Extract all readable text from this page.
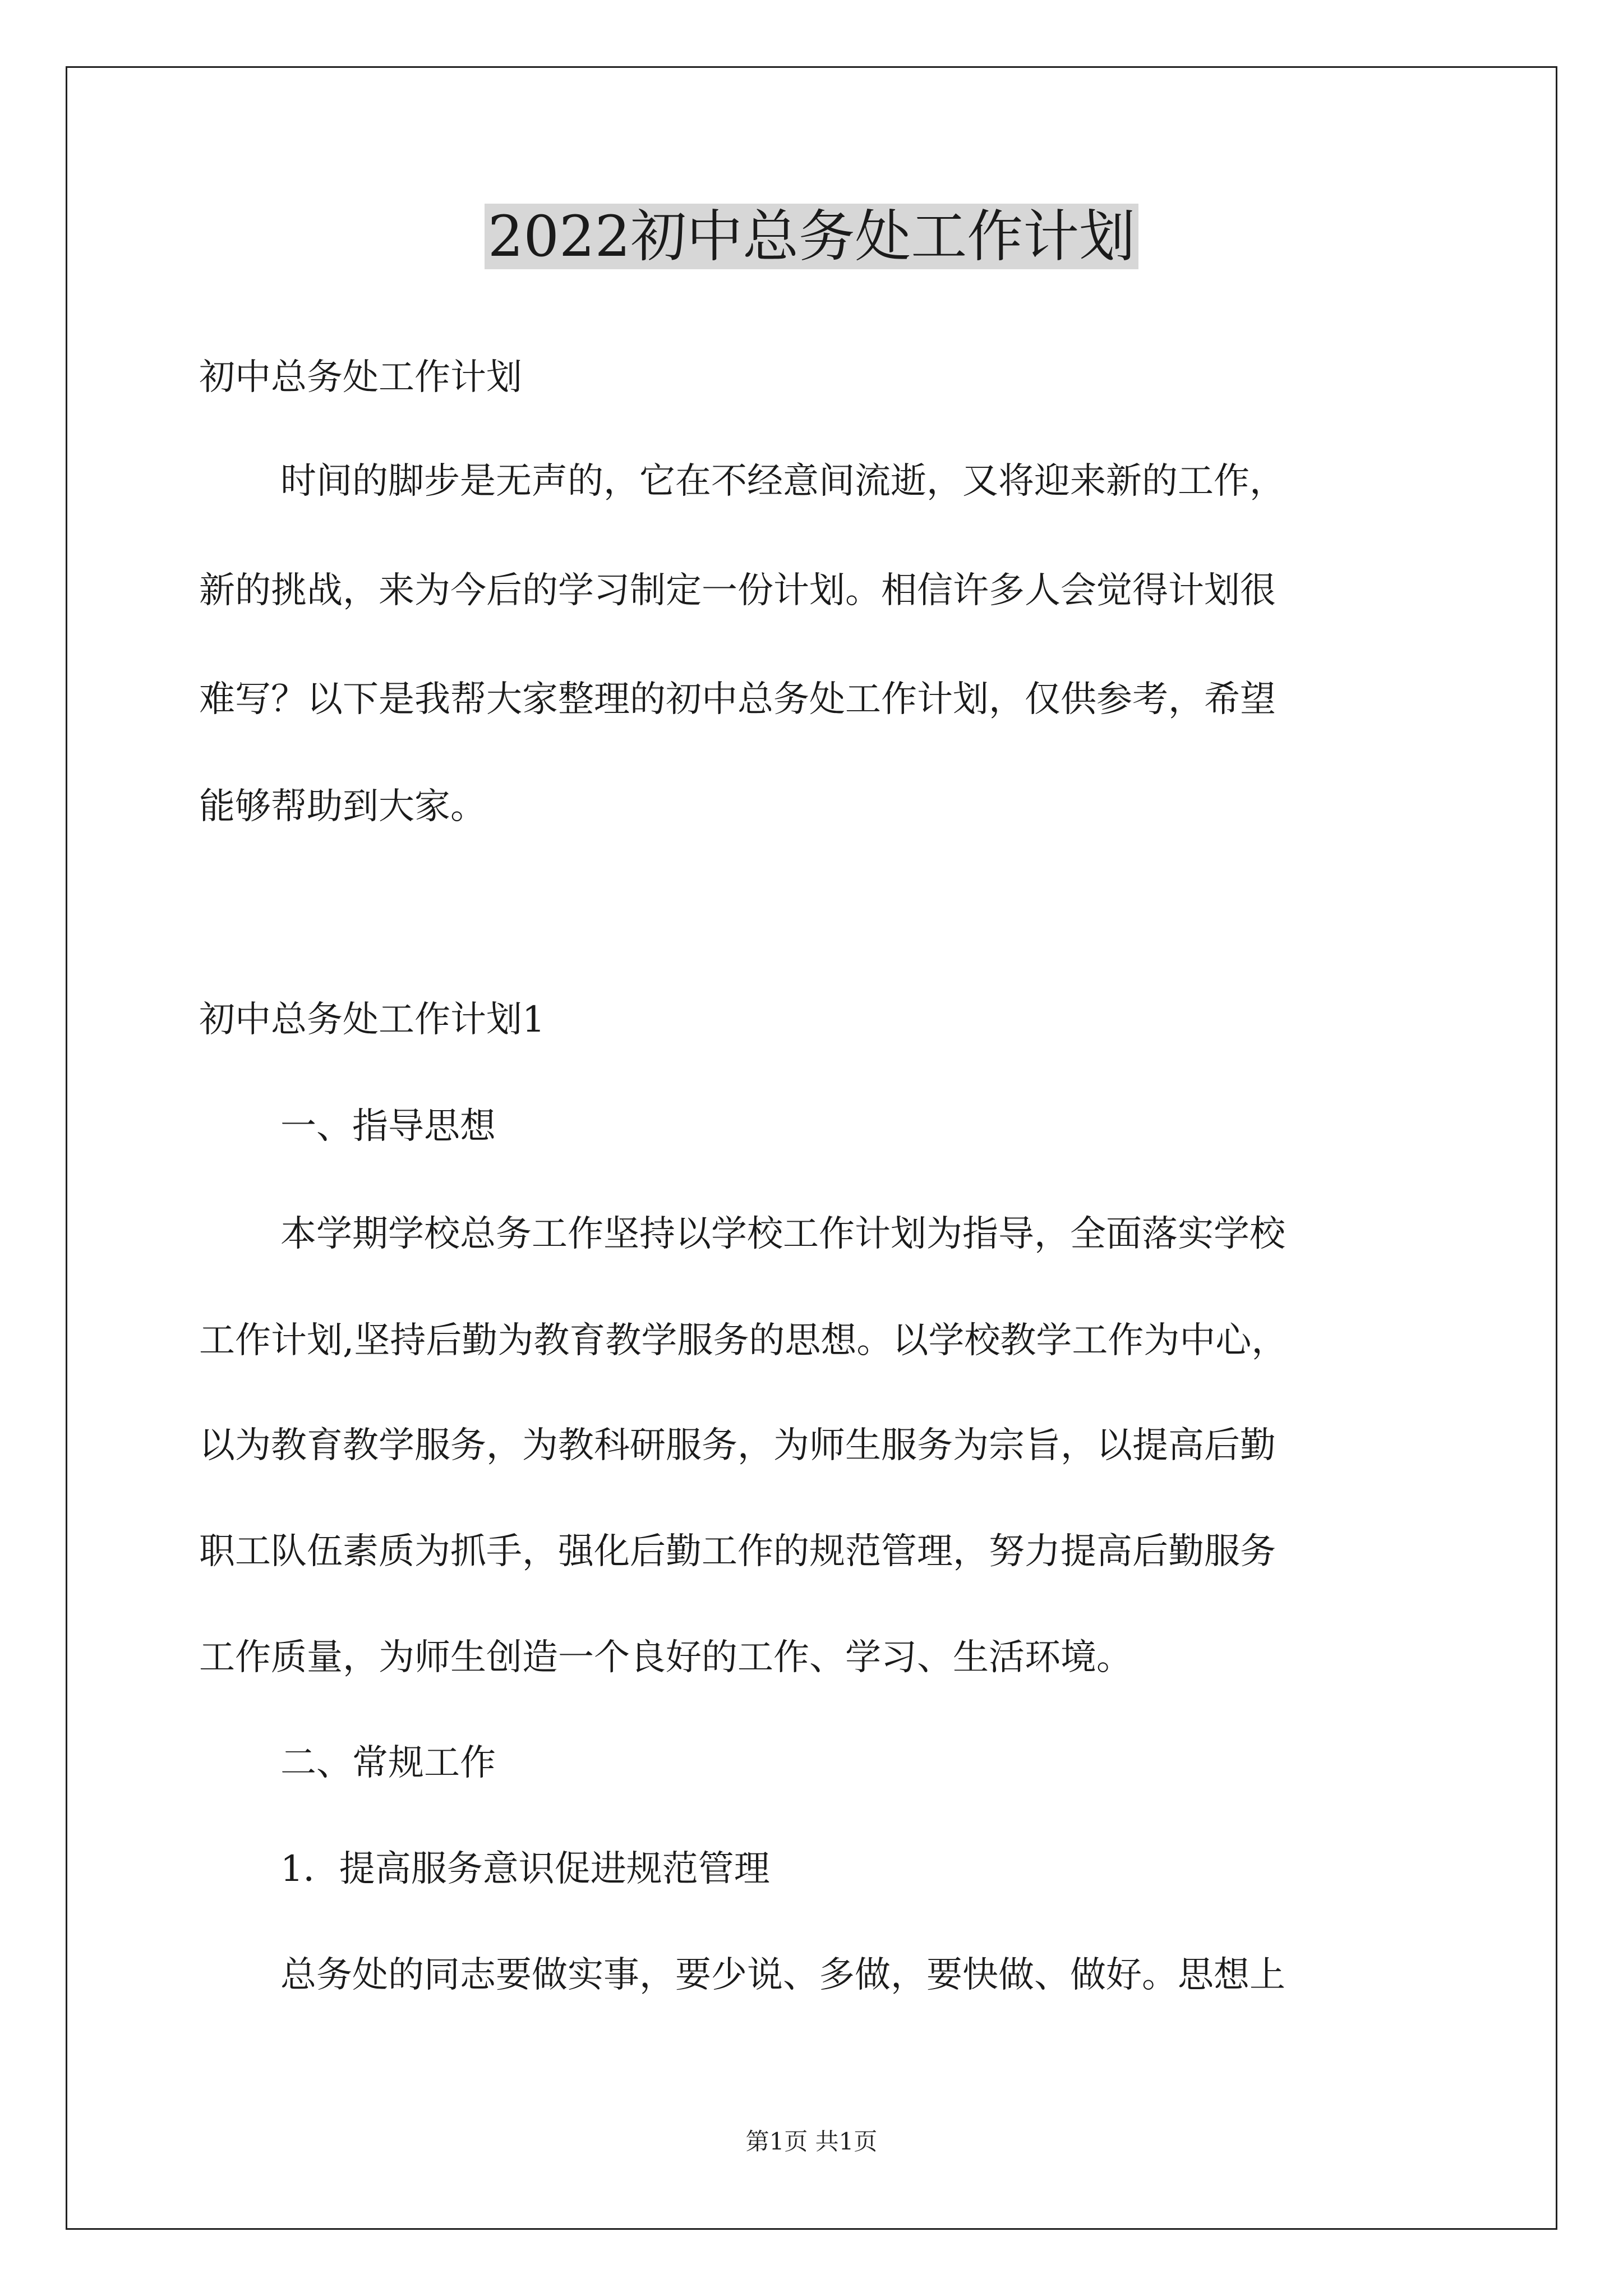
2022初中总务处工作计划
初中总务处工作计划
时间的脚步是无声的，它在不经意间流逝，又将迎来新的工作，
新的挑战，来为今后的学习制定一份计划。相信许多人会觉得计划很
难写？以下是我帮大家整理的初中总务处工作计划，仅供参考，希望
能够帮助到大家。
初中总务处工作计划1
一、指导思想
本学期学校总务工作坚持以学校工作计划为指导，全面落实学校
工作计划,坚持后勤为教育教学服务的思想。以学校教学工作为中心，
以为教育教学服务，为教科研服务，为师生服务为宗旨，以提高后勤
职工队伍素质为抓手，强化后勤工作的规范管理，努力提高后勤服务
工作质量，为师生创造一个良好的工作、学习、生活环境。
二、常规工作
1．提高服务意识促进规范管理
总务处的同志要做实事，要少说、多做，要快做、做好。思想上
第1页 共1页
